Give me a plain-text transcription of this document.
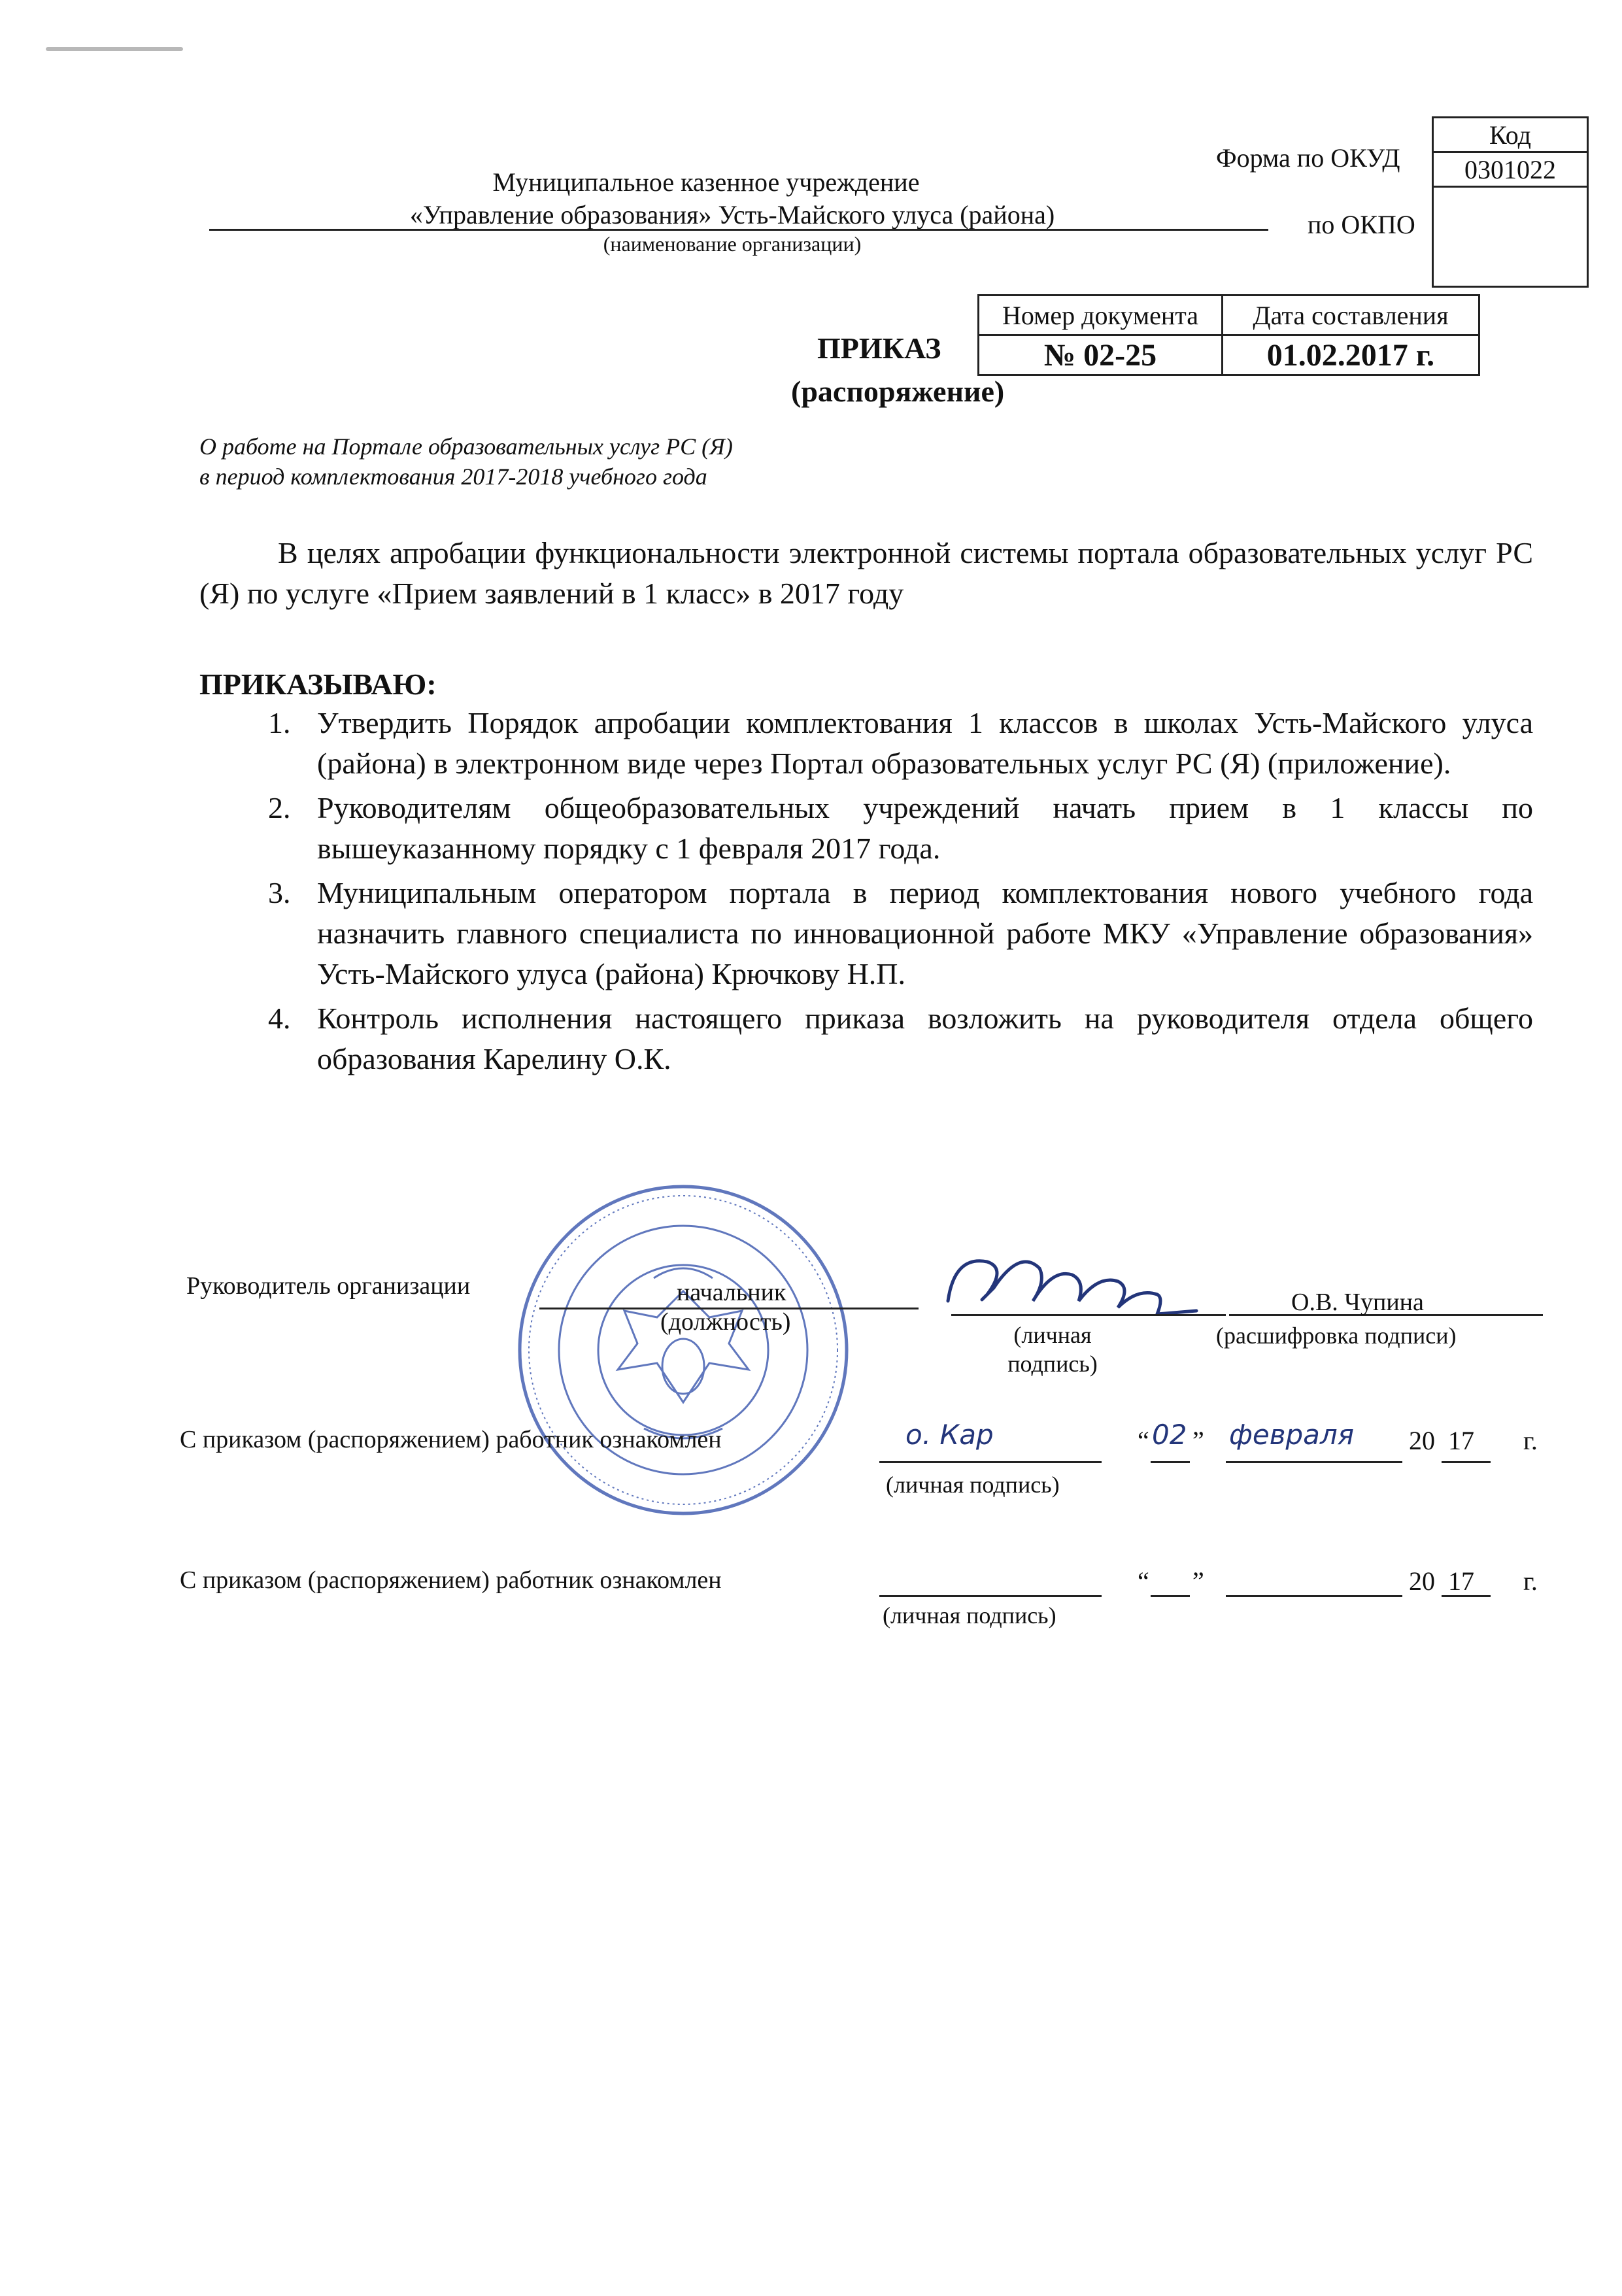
Код
0301022

Форма по ОКУД
по ОКПО
Муниципальное казенное учреждение
«Управление образования» Усть-Майского улуса (района)
(наименование организации)
Номер документа	Дата составления
№ 02-25	01.02.2017 г.
ПРИКАЗ
(распоряжение)
О работе на Портале образовательных услуг РС (Я)
в период комплектования 2017-2018 учебного года
В целях апробации функциональности электронной системы портала образовательных услуг РС (Я) по услуге «Прием заявлений в 1 класс» в 2017 году
ПРИКАЗЫВАЮ:
1. Утвердить Порядок апробации комплектования 1 классов в школах Усть-Майского улуса (района) в электронном виде через Портал образовательных услуг РС (Я) (приложение).
2. Руководителям общеобразовательных учреждений начать прием в 1 классы по вышеуказанному порядку с 1 февраля 2017 года.
3. Муниципальным оператором портала в период комплектования нового учебного года назначить главного специалиста по инновационной работе МКУ «Управление образования» Усть-Майского улуса (района) Крючкову Н.П.
4. Контроль исполнения настоящего приказа возложить на руководителя отдела общего образования Карелину О.К.
Руководитель организации	начальник
(должность)	(личная подпись)
О.В. Чупина
(расшифровка подписи)
С приказом (распоряжением) работник ознакомлен	о. Кар
(личная подпись)
“ 02 ” февраля 20 17 г.
С приказом (распоряжением) работник ознакомлен
(личная подпись)
“ ”	20 17 г.
